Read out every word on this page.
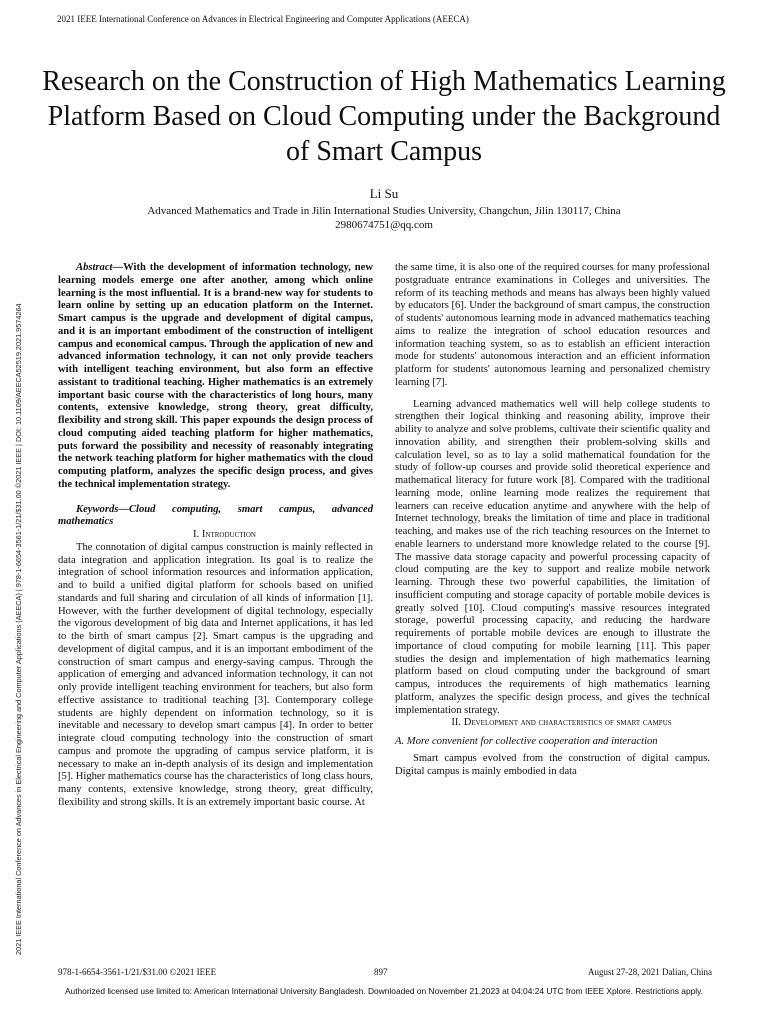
2021 IEEE International Conference on Advances in Electrical Engineering and Computer Applications (AEECA)
2021 IEEE International Conference on Advances in Electrical Engineering and Computer Applications (AEECA) | 978-1-6654-3561-1/21/$31.00 ©2021 IEEE | DOI: 10.1109/AEECA52519.2021.9574264
Research on the Construction of High Mathematics Learning Platform Based on Cloud Computing under the Background of Smart Campus
Li Su
Advanced Mathematics and Trade in Jilin International Studies University, Changchun, Jilin 130117, China
2980674751@qq.com

Abstract—With the development of information technology, new learning models emerge one after another, among which online learning is the most influential. It is a brand-new way for students to learn online by setting up an education platform on the Internet. Smart campus is the upgrade and development of digital campus, and it is an important embodiment of the construction of intelligent campus and economical campus. Through the application of new and advanced information technology, it can not only provide teachers with intelligent teaching environment, but also form an effective assistant to traditional teaching. Higher mathematics is an extremely important basic course with the characteristics of long hours, many contents, extensive knowledge, strong theory, great difficulty, flexibility and strong skill. This paper expounds the design process of cloud computing aided teaching platform for higher mathematics, puts forward the possibility and necessity of reasonably integrating the network teaching platform for higher mathematics with the cloud computing platform, analyzes the specific design process, and gives the technical implementation strategy.

Keywords—Cloud computing, smart campus, advanced mathematics

I. Introduction

The connotation of digital campus construction is mainly reflected in data integration and application integration. Its goal is to realize the integration of school information resources and information application, and to build a unified digital platform for schools based on unified standards and full sharing and circulation of all kinds of information [1]. However, with the further development of digital technology, especially the vigorous development of big data and Internet applications, it has led to the birth of smart campus [2]. Smart campus is the upgrading and development of digital campus, and it is an important embodiment of the construction of smart campus and energy-saving campus. Through the application of emerging and advanced information technology, it can not only provide intelligent teaching environment for teachers, but also form effective assistance to traditional teaching [3]. Contemporary college students are highly dependent on information technology, so it is inevitable and necessary to develop smart campus [4]. In order to better integrate cloud computing technology into the construction of smart campus and promote the upgrading of campus service platform, it is necessary to make an in-depth analysis of its design and implementation [5]. Higher mathematics course has the characteristics of long class hours, many contents, extensive knowledge, strong theory, great difficulty, flexibility and strong skills. It is an extremely important basic course. At

the same time, it is also one of the required courses for many professional postgraduate entrance examinations in Colleges and universities. The reform of its teaching methods and means has always been highly valued by educators [6]. Under the background of smart campus, the construction of students' autonomous learning mode in advanced mathematics teaching aims to realize the integration of school education resources and information teaching system, so as to establish an efficient interaction mode for students' autonomous interaction and an efficient information platform for students' autonomous learning and personalized chemistry learning [7].

Learning advanced mathematics well will help college students to strengthen their logical thinking and reasoning ability, improve their ability to analyze and solve problems, cultivate their scientific quality and innovation ability, and strengthen their problem-solving skills and calculation level, so as to lay a solid mathematical foundation for the study of follow-up courses and provide solid theoretical experience and mathematical literacy for future work [8]. Compared with the traditional learning mode, online learning mode realizes the requirement that learners can receive education anytime and anywhere with the help of Internet technology, breaks the limitation of time and place in traditional teaching, and makes use of the rich teaching resources on the Internet to enable learners to understand more knowledge related to the course [9]. The massive data storage capacity and powerful processing capacity of cloud computing are the key to support and realize mobile network learning. Through these two powerful capabilities, the limitation of insufficient computing and storage capacity of portable mobile devices is greatly solved [10]. Cloud computing's massive resources integrated storage, powerful processing capacity, and reducing the hardware requirements of portable mobile devices are enough to illustrate the importance of cloud computing for mobile learning [11]. This paper studies the design and implementation of high mathematics learning platform based on cloud computing under the background of smart campus, introduces the requirements of high mathematics learning platform, analyzes the specific design process, and gives the technical implementation strategy.

II. Development and characteristics of smart campus

A. More convenient for collective cooperation and interaction

Smart campus evolved from the construction of digital campus. Digital campus is mainly embodied in data

978-1-6654-3561-1/21/$31.00 ©2021 IEEE	897	August 27-28, 2021 Dalian, China
Authorized licensed use limited to: American International University Bangladesh. Downloaded on November 21,2023 at 04:04:24 UTC from IEEE Xplore. Restrictions apply.
